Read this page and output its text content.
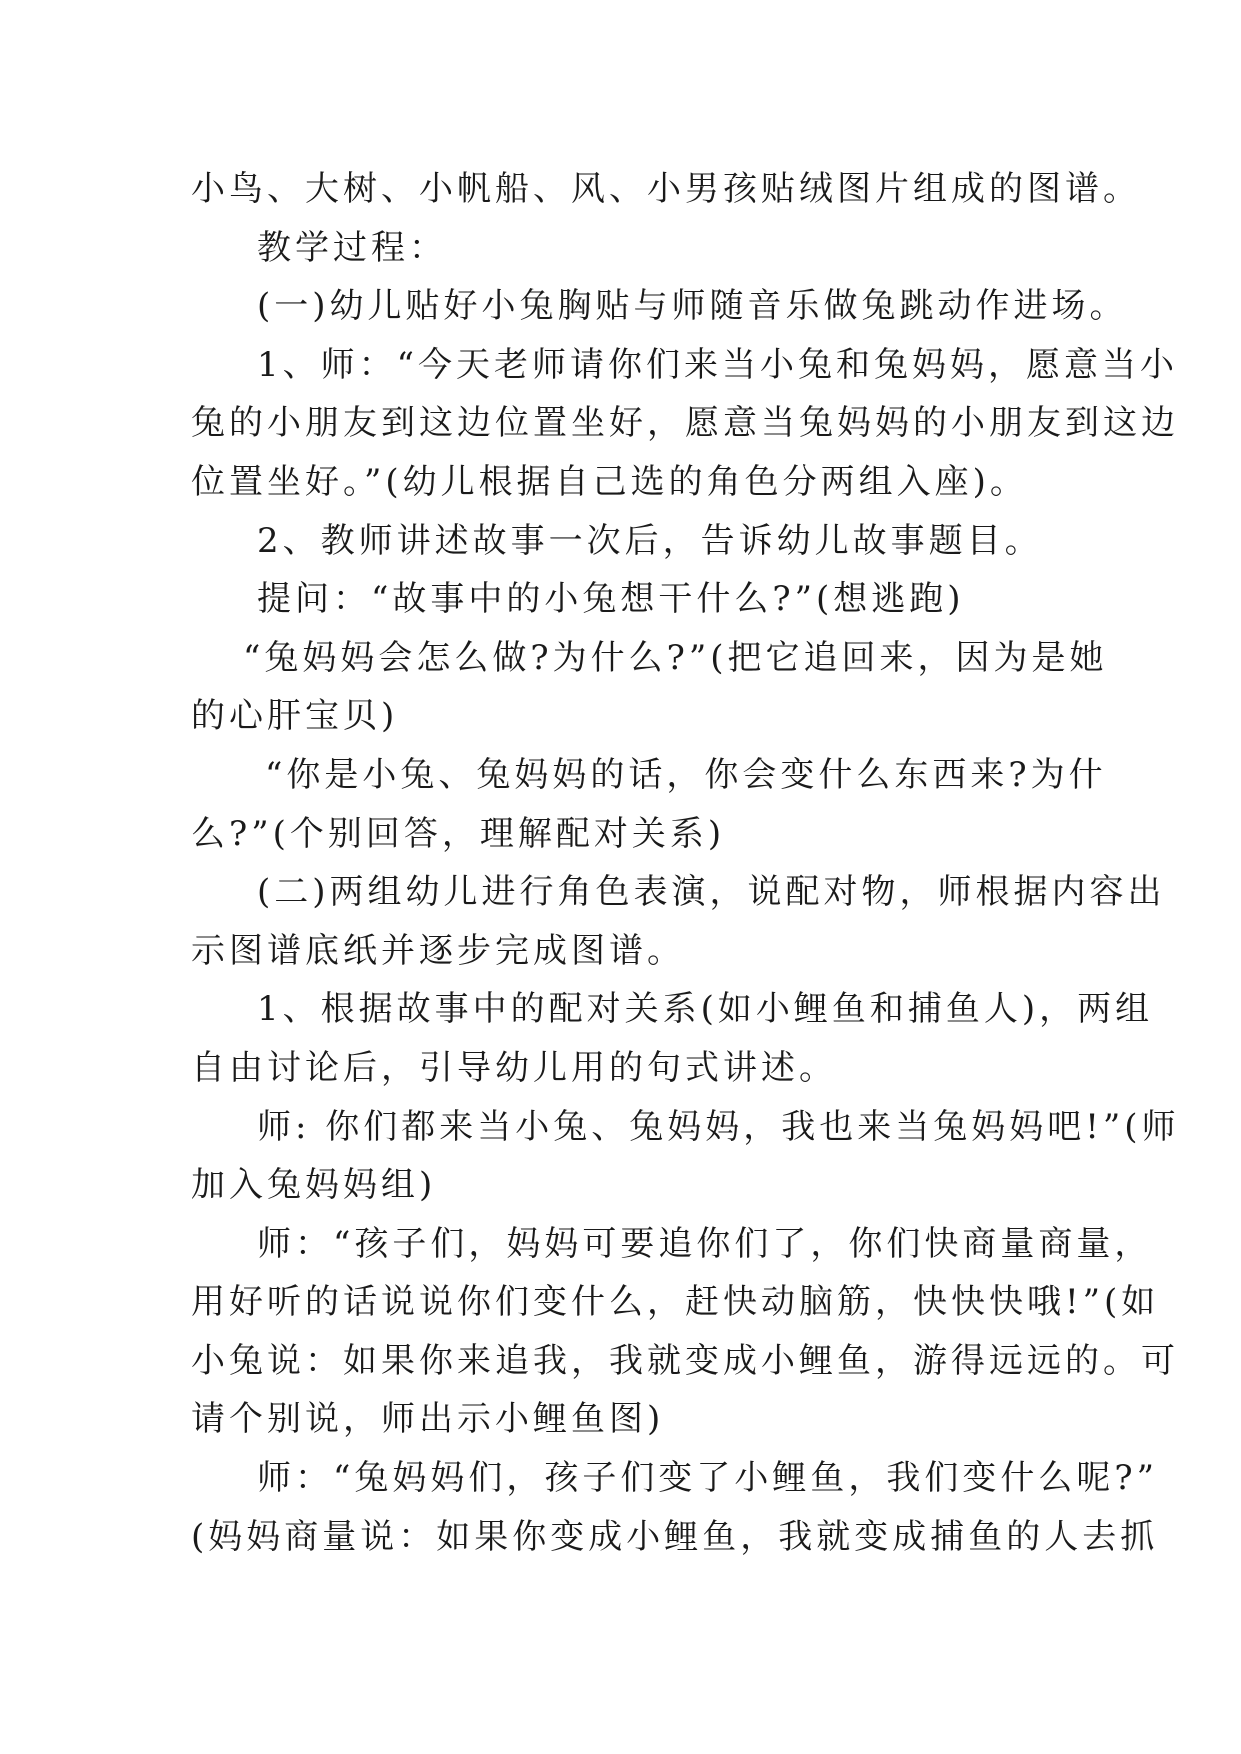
小鸟、大树、小帆船、风、小男孩贴绒图片组成的图谱。
教学过程：
(一)幼儿贴好小兔胸贴与师随音乐做兔跳动作进场。
1、师：“今天老师请你们来当小兔和兔妈妈，愿意当小
兔的小朋友到这边位置坐好，愿意当兔妈妈的小朋友到这边
位置坐好。”(幼儿根据自己选的角色分两组入座)。
2、教师讲述故事一次后，告诉幼儿故事题目。
提问：“故事中的小兔想干什么?”(想逃跑)
“兔妈妈会怎么做?为什么?”(把它追回来，因为是她
的心肝宝贝)
“你是小兔、兔妈妈的话，你会变什么东西来?为什
么?”(个别回答，理解配对关系)
(二)两组幼儿进行角色表演，说配对物，师根据内容出
示图谱底纸并逐步完成图谱。
1、根据故事中的配对关系(如小鲤鱼和捕鱼人)，两组
自由讨论后，引导幼儿用的句式讲述。
师: 你们都来当小兔、兔妈妈，我也来当兔妈妈吧!”(师
加入兔妈妈组)
师：“孩子们，妈妈可要追你们了，你们快商量商量，
用好听的话说说你们变什么，赶快动脑筋，快快快哦!”(如
小兔说：如果你来追我，我就变成小鲤鱼，游得远远的。可
请个别说，师出示小鲤鱼图)
师：“兔妈妈们，孩子们变了小鲤鱼，我们变什么呢?”
(妈妈商量说：如果你变成小鲤鱼，我就变成捕鱼的人去抓
